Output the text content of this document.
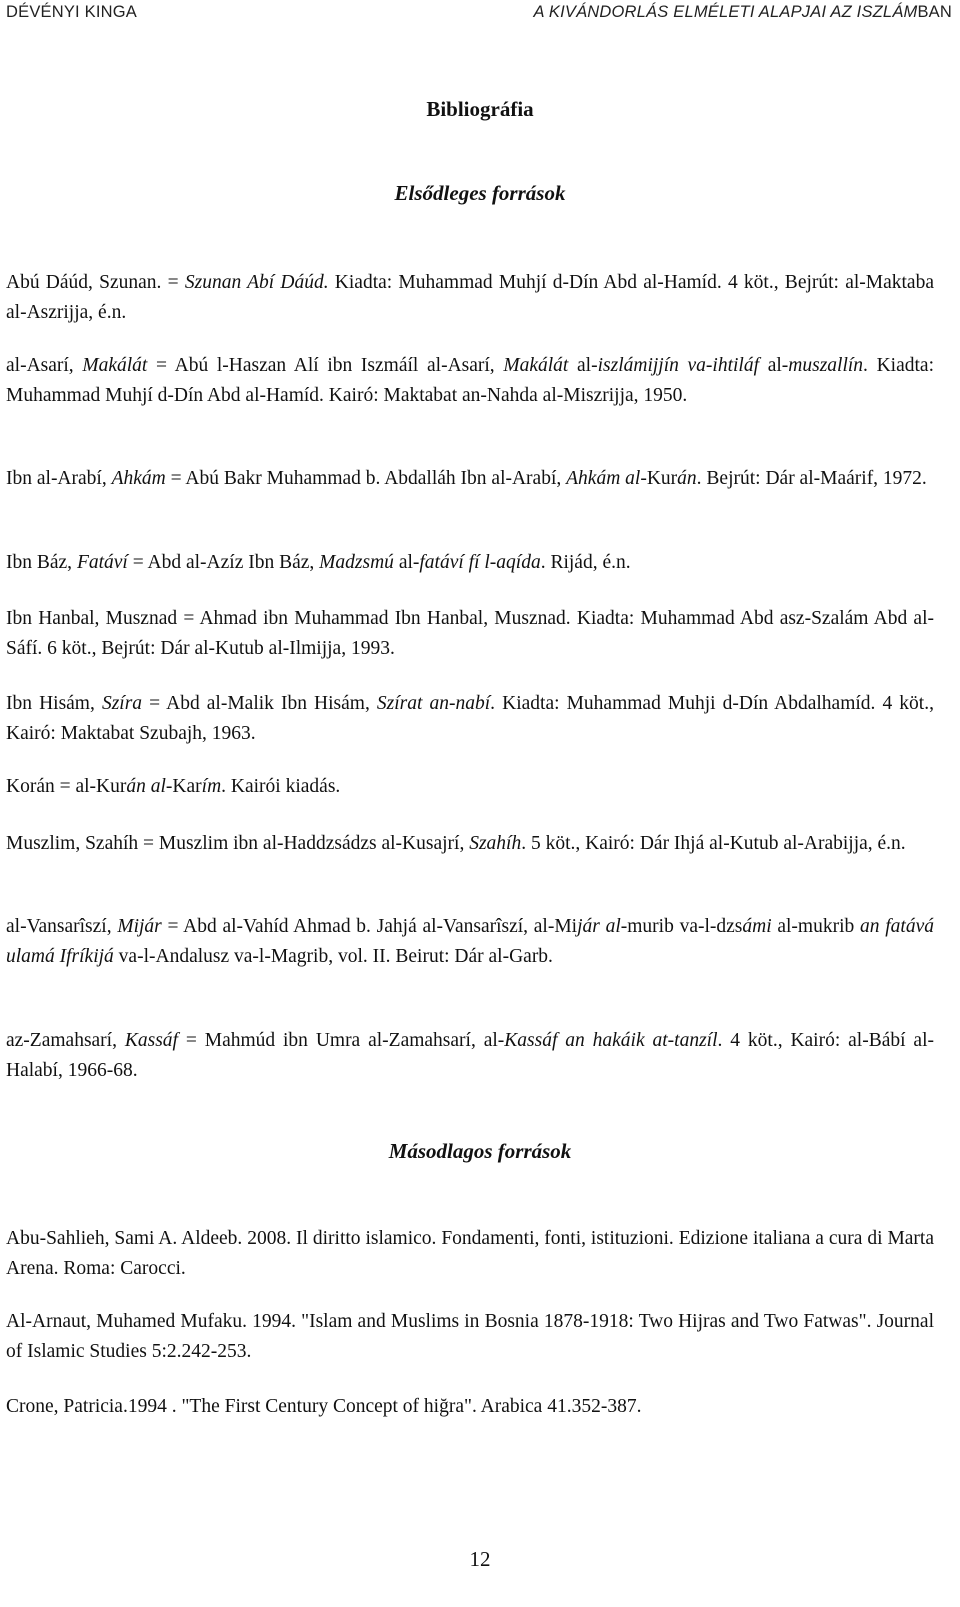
DÉVÉNYI KINGA	A KIVÁNDORLÁS ELMÉLETI ALAPJAI AZ ISZLÁMBAN
Bibliográfia
Elsődleges források

Abú Dáúd, Szunan. = Szunan Abí Dáúd. Kiadta: Muhammad Muhjí d-Dín Abd al-Hamíd. 4 köt., Bejrút: al-Maktaba al-Aszrijja, é.n.

al-Asarí, Makálát = Abú l-Haszan Alí ibn Iszmáíl al-Asarí, Makálát al-iszlámijjín va-ihtiláf al-muszallín. Kiadta: Muhammad Muhjí d-Dín Abd al-Hamíd. Kairó: Maktabat an-Nahda al-Miszrijja, 1950.

Ibn al-Arabí, Ahkám = Abú Bakr Muhammad b. Abdalláh Ibn al-Arabí, Ahkám al-Kurán. Bejrút: Dár al-Maárif, 1972.

Ibn Báz, Fatáví = Abd al-Azíz Ibn Báz, Madzsmú al-fatáví fí l-aqída. Rijád, é.n.

Ibn Hanbal, Musznad = Ahmad ibn Muhammad Ibn Hanbal, Musznad. Kiadta: Muhammad Abd asz-Szalám Abd al-Sáfí. 6 köt., Bejrút: Dár al-Kutub al-Ilmijja, 1993.

Ibn Hisám, Szíra = Abd al-Malik Ibn Hisám, Szírat an-nabí. Kiadta: Muhammad Muhji d-Dín Abdalhamíd. 4 köt., Kairó: Maktabat Szubajh, 1963.

Korán = al-Kurán al-Karím. Kairói kiadás.

Muszlim, Szahíh = Muszlim ibn al-Haddzsádzs al-Kusajrí, Szahíh. 5 köt., Kairó: Dár Ihjá al-Kutub al-Arabijja, é.n.

al-Vansarîszí, Mijár = Abd al-Vahíd Ahmad b. Jahjá al-Vansarîszí, al-Mijár al-murib va-l-dzsámi al-mukrib an fatává ulamá Ifríkijá va-l-Andalusz va-l-Magrib, vol. II. Beirut: Dár al-Garb.

az-Zamahsarí, Kassáf = Mahmúd ibn Umra al-Zamahsarí, al-Kassáf an hakáik at-tanzíl. 4 köt., Kairó: al-Bábí al-Halabí, 1966-68.

Másodlagos források

Abu-Sahlieh, Sami A. Aldeeb. 2008. Il diritto islamico. Fondamenti, fonti, istituzioni. Edizione italiana a cura di Marta Arena. Roma: Carocci.

Al-Arnaut, Muhamed Mufaku. 1994. "Islam and Muslims in Bosnia 1878-1918: Two Hijras and Two Fatwas". Journal of Islamic Studies 5:2.242-253.

Crone, Patricia.1994 . "The First Century Concept of hiğra". Arabica 41.352-387.

12
